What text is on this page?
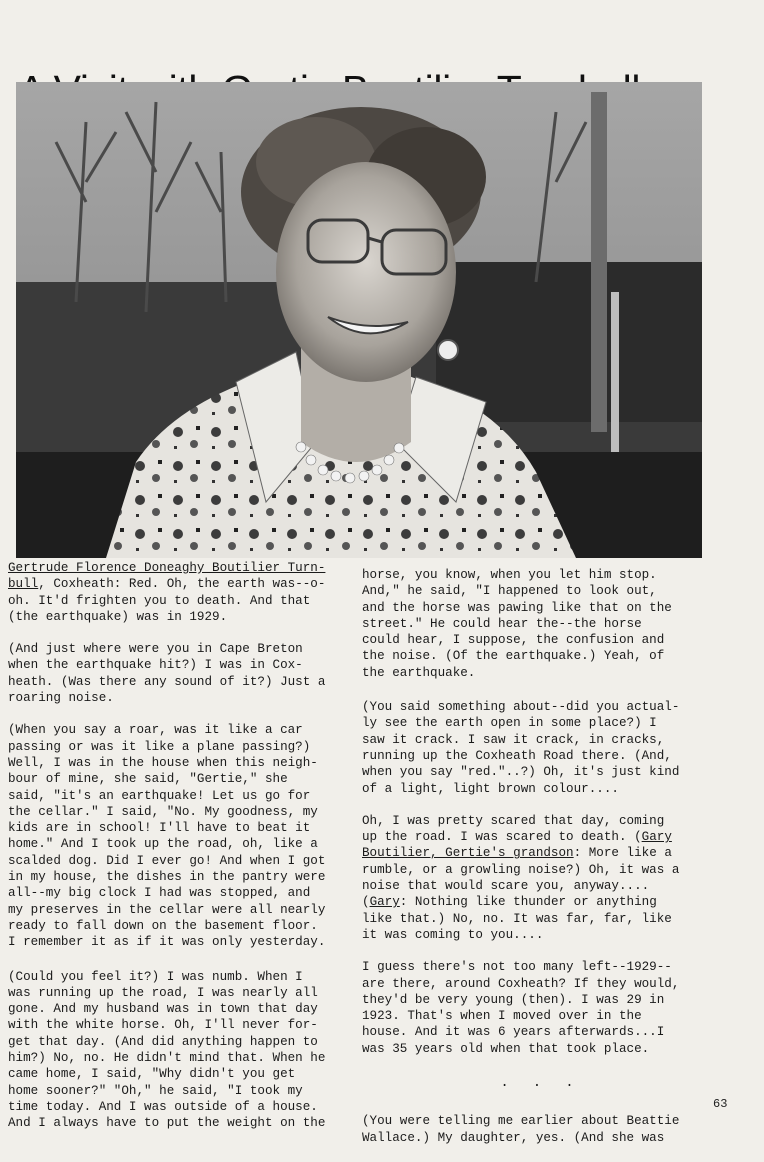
Gertrude Florence Doneaghy Boutilier Turn-
bull, Coxheath: Red. Oh, the earth was--o-
oh. It'd frighten you to death. And that
(the earthquake) was in 1929.

(And just where were you in Cape Breton
when the earthquake hit?) I was in Cox-
heath. (Was there any sound of it?) Just a
roaring noise.

(When you say a roar, was it like a car
passing or was it like a plane passing?)
Well, I was in the house when this neigh-
bour of mine, she said, "Gertie," she
said, "it's an earthquake! Let us go for
the cellar." I said, "No. My goodness, my
kids are in school! I'll have to beat it
home." And I took up the road, oh, like a
scalded dog. Did I ever go! And when I got
in my house, the dishes in the pantry were
all--my big clock I had was stopped, and
my preserves in the cellar were all nearly
ready to fall down on the basement floor.
I remember it as if it was only yesterday.

(Could you feel it?) I was numb. When I
was running up the road, I was nearly all
gone. And my husband was in town that day
with the white horse. Oh, I'll never for-
get that day. (And did anything happen to
him?) No, no. He didn't mind that. When he
came home, I said, "Why didn't you get
home sooner?" "Oh," he said, "I took my
time today. And I was outside of a house.
And I always have to put the weight on the

horse, you know, when you let him stop.
And," he said, "I happened to look out,
and the horse was pawing like that on the
street." He could hear the--the horse
could hear, I suppose, the confusion and
the noise. (Of the earthquake.) Yeah, of
the earthquake.

(You said something about--did you actual-
ly see the earth open in some place?) I
saw it crack. I saw it crack, in cracks,
running up the Coxheath Road there. (And,
when you say "red."..?) Oh, it's just kind
of a light, light brown colour....

Oh, I was pretty scared that day, coming
up the road. I was scared to death. (Gary
Boutilier, Gertie's grandson: More like a
rumble, or a growling noise?) Oh, it was a
noise that would scare you, anyway....
(Gary: Nothing like thunder or anything
like that.) No, no. It was far, far, like
it was coming to you....

I guess there's not too many left--1929--
are there, around Coxheath? If they would,
they'd be very young (then). I was 29 in
1923. That's when I moved over in the
house. And it was 6 years afterwards...I
was 35 years old when that took place.

...

(You were telling me earlier about Beattie
Wallace.) My daughter, yes. (And she was

63
